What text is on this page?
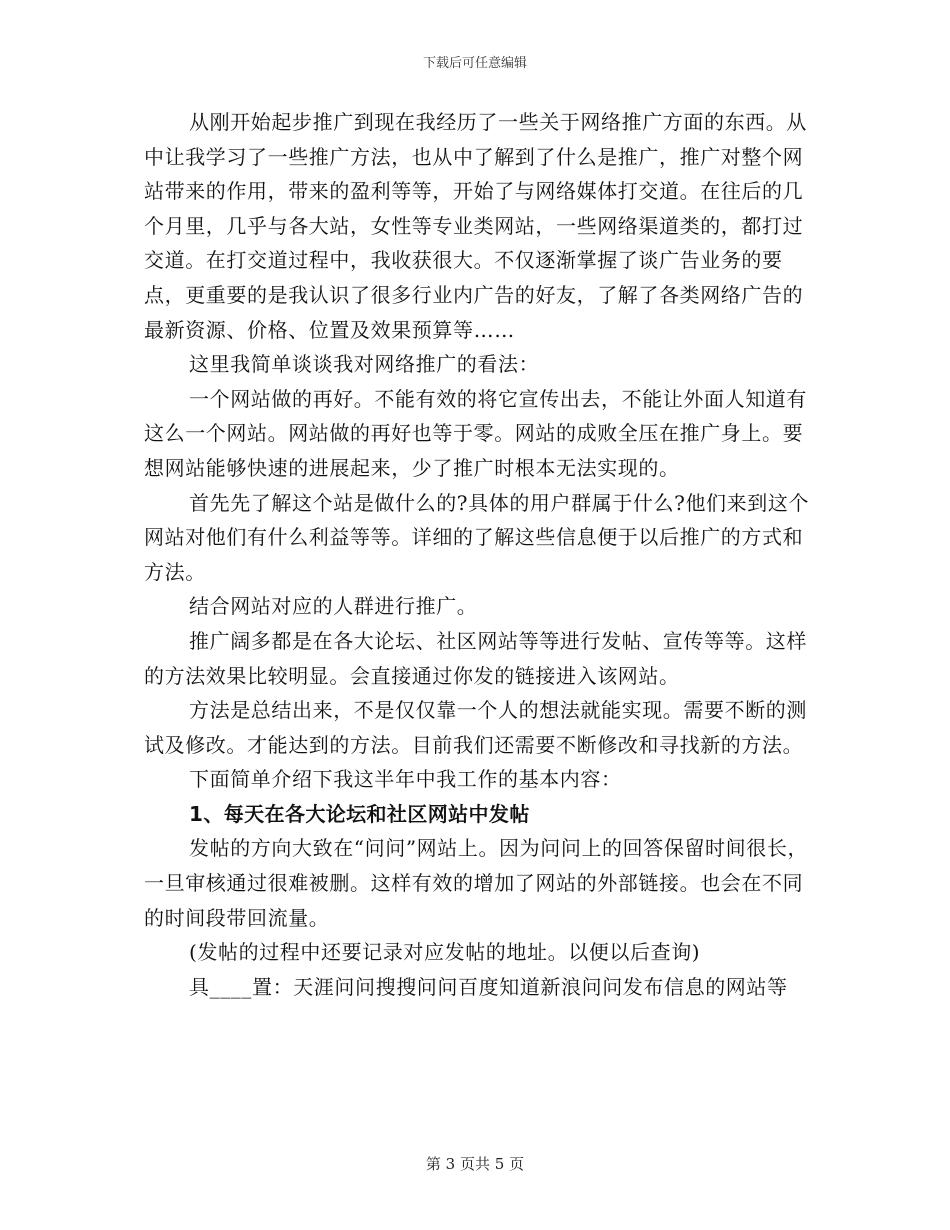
下载后可任意编辑

从刚开始起步推广到现在我经历了一些关于网络推广方面的东西。从中让我学习了一些推广方法，也从中了解到了什么是推广，推广对整个网站带来的作用，带来的盈利等等，开始了与网络媒体打交道。在往后的几个月里，几乎与各大站，女性等专业类网站，一些网络渠道类的，都打过交道。在打交道过程中，我收获很大。不仅逐渐掌握了谈广告业务的要点，更重要的是我认识了很多行业内广告的好友，了解了各类网络广告的最新资源、价格、位置及效果预算等……

这里我简单谈谈我对网络推广的看法：

一个网站做的再好。不能有效的将它宣传出去，不能让外面人知道有这么一个网站。网站做的再好也等于零。网站的成败全压在推广身上。要想网站能够快速的进展起来，少了推广时根本无法实现的。

首先先了解这个站是做什么的?具体的用户群属于什么?他们来到这个网站对他们有什么利益等等。详细的了解这些信息便于以后推广的方式和方法。

结合网站对应的人群进行推广。

推广阔多都是在各大论坛、社区网站等等进行发帖、宣传等等。这样的方法效果比较明显。会直接通过你发的链接进入该网站。

方法是总结出来，不是仅仅靠一个人的想法就能实现。需要不断的测试及修改。才能达到的方法。目前我们还需要不断修改和寻找新的方法。

下面简单介绍下我这半年中我工作的基本内容：

1、每天在各大论坛和社区网站中发帖

发帖的方向大致在“问问”网站上。因为问问上的回答保留时间很长，一旦审核通过很难被删。这样有效的增加了网站的外部链接。也会在不同的时间段带回流量。

(发帖的过程中还要记录对应发帖的地址。以便以后查询)

具____置：天涯问问搜搜问问百度知道新浪问问发布信息的网站等

第 3 页共 5 页
